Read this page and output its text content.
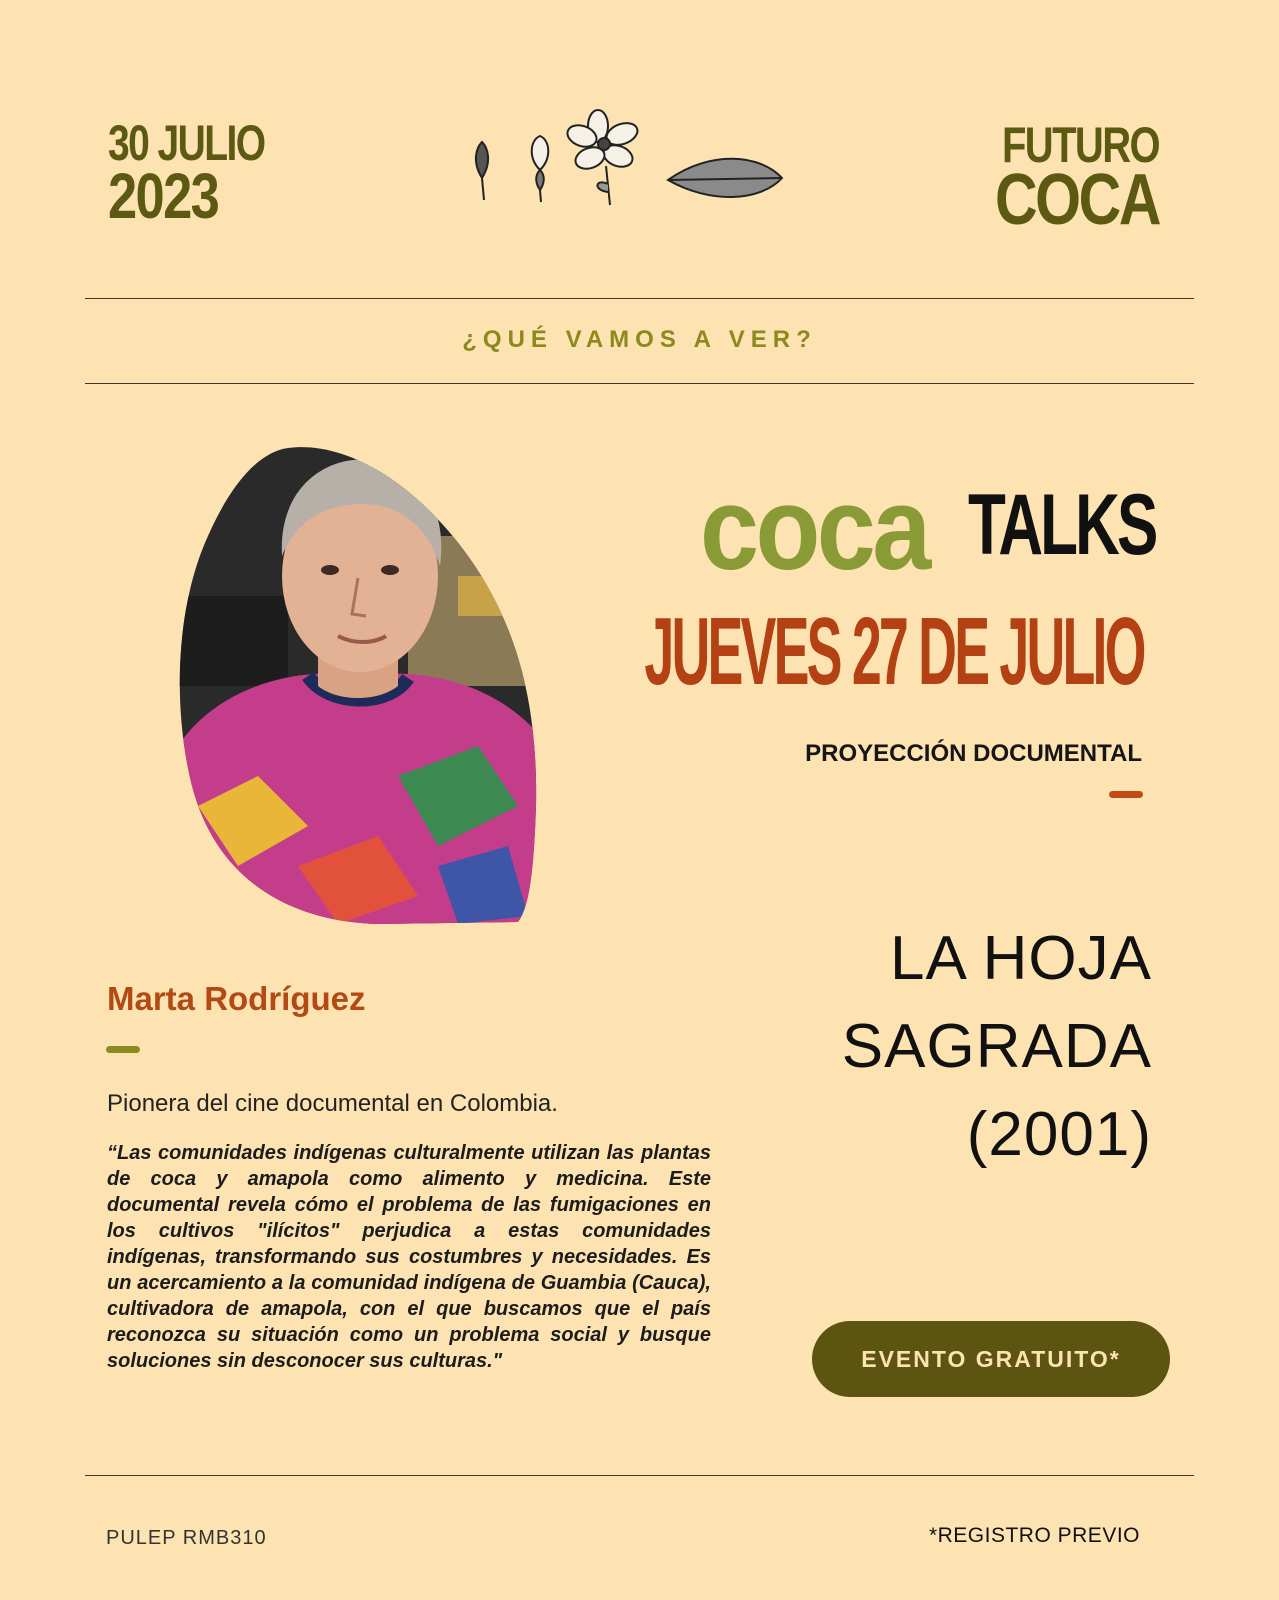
30 JULIO
2023
FUTURO
COCA
¿QUÉ VAMOS A VER?
coca TALKS
JUEVES 27 DE JULIO
PROYECCIÓN DOCUMENTAL
LA HOJA
SAGRADA
(2001)
Marta Rodríguez
Pionera del cine documental en Colombia.
“Las comunidades indígenas culturalmente utilizan las plantas de coca y amapola como alimento y medicina. Este documental revela cómo el problema de las fumigaciones en los cultivos "ilícitos" perjudica a estas comunidades indígenas, transformando sus costumbres y necesidades. Es un acercamiento a la comunidad indígena de Guambia (Cauca), cultivadora de amapola, con el que buscamos que el país reconozca su situación como un problema social y busque soluciones sin desconocer sus culturas."	EVENTO GRATUITO*
PULEP RMB310	*REGISTRO PREVIO
